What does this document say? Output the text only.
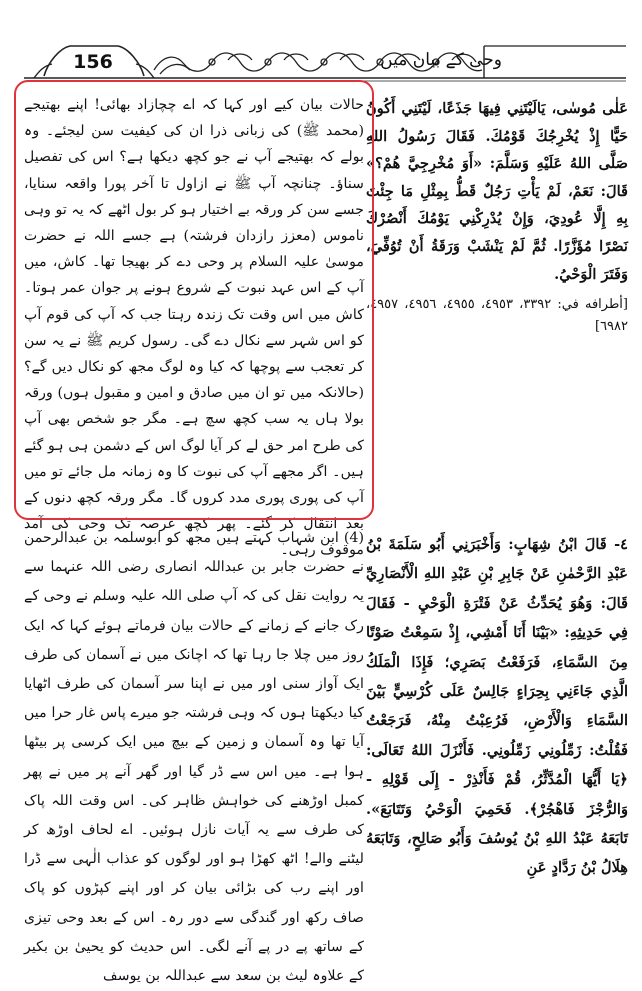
156	وحی کے بیان میں

عَلٰى مُوسٰى، يَالَيْتَنِي فِيهَا جَذَعًا، لَيْتَنِي أَكُونُ حَيًّا إِذْ يُخْرِجُكَ قَوْمُكَ. فَقَالَ رَسُولُ اللهِ صَلَّى اللهُ عَلَيْهِ وَسَلَّمَ: «أَوَ مُخْرِجِيَّ هُمْ؟» قَالَ: نَعَمْ، لَمْ يَأْتِ رَجُلٌ قَطُّ بِمِثْلِ مَا جِئْتَ بِهِ إِلَّا عُودِيَ، وَإِنْ يُدْرِكْنِي يَوْمُكَ أَنْصُرْكَ نَصْرًا مُؤَزَّرًا. ثُمَّ لَمْ يَنْشَبْ وَرَقَةُ أَنْ تُوُفِّيَ، وَفَتَرَ الْوَحْيُ.

[أطرافه في: ٣٣٩٢، ٤٩٥٣، ٤٩٥٥، ٤٩٥٦، ٤٩٥٧، ٦٩٨٢]

٤- قَالَ ابْنُ شِهَابٍ: وَأَخْبَرَنِي أَبُو سَلَمَةَ بْنُ عَبْدِ الرَّحْمٰنِ عَنْ جَابِرِ بْنِ عَبْدِ اللهِ الْأَنْصَارِيِّ قَالَ: وَهُوَ يُحَدِّثُ عَنْ فَتْرَةِ الْوَحْيِ - فَقَالَ فِي حَدِيثِهِ: «بَيْنَا أَنَا أَمْشِي، إِذْ سَمِعْتُ صَوْتًا مِنَ السَّمَاءِ، فَرَفَعْتُ بَصَرِي؛ فَإِذَا الْمَلَكُ الَّذِي جَاءَنِي بِحِرَاءٍ جَالِسٌ عَلَى كُرْسِيٍّ بَيْنَ السَّمَاءِ وَالْأَرْضِ، فَرُعِبْتُ مِنْهُ، فَرَجَعْتُ فَقُلْتُ: زَمِّلُونِي زَمِّلُونِي. فَأَنْزَلَ اللهُ تَعَالَى: ﴿يَا أَيُّهَا الْمُدَّثِّرُ، قُمْ فَأَنْذِرْ - إِلَى قَوْلِهِ - وَالرُّجْزَ فَاهْجُرْ﴾. فَحَمِيَ الْوَحْيُ وَتَتَابَعَ». تَابَعَهُ عَبْدُ اللهِ بْنُ يُوسُفَ وَأَبُو صَالِحٍ، وَتَابَعَهُ هِلَالُ بْنُ رَدَّادٍ عَنِ

حالات بیان کیے اور کہا کہ اے چچازاد بھائی! اپنے بھتیجے (محمد ﷺ) کی زبانی ذرا ان کی کیفیت سن لیجئے۔ وہ بولے کہ بھتیجے آپ نے جو کچھ دیکھا ہے؟ اس کی تفصیل سناؤ۔ چنانچہ آپ ﷺ نے ازاول تا آخر پورا واقعہ سنایا، جسے سن کر ورقہ بے اختیار ہو کر بول اٹھے کہ یہ تو وہی ناموس (معزز رازدان فرشتہ) ہے جسے اللہ نے حضرت موسیٰ علیہ السلام پر وحی دے کر بھیجا تھا۔ کاش، میں آپ کے اس عہد نبوت کے شروع ہونے پر جوان عمر ہوتا۔ کاش میں اس وقت تک زندہ رہتا جب کہ آپ کی قوم آپ کو اس شہر سے نکال دے گی۔ رسول کریم ﷺ نے یہ سن کر تعجب سے پوچھا کہ کیا وہ لوگ مجھ کو نکال دیں گے؟ (حالانکہ میں تو ان میں صادق و امین و مقبول ہوں) ورقہ بولا ہاں یہ سب کچھ سچ ہے۔ مگر جو شخص بھی آپ کی طرح امر حق لے کر آیا لوگ اس کے دشمن ہی ہو گئے ہیں۔ اگر مجھے آپ کی نبوت کا وہ زمانہ مل جائے تو میں آپ کی پوری پوری مدد کروں گا۔ مگر ورقہ کچھ دنوں کے بعد انتقال کر گئے۔ پھر کچھ عرصہ تک وحی کی آمد موقوف رہی۔

(4) ابن شہاب کہتے ہیں مجھ کو ابوسلمہ بن عبدالرحمن نے حضرت جابر بن عبداللہ انصاری رضی اللہ عنہما سے یہ روایت نقل کی کہ آپ صلی اللہ علیہ وسلم نے وحی کے رک جانے کے زمانے کے حالات بیان فرماتے ہوئے کہا کہ ایک روز میں چلا جا رہا تھا کہ اچانک میں نے آسمان کی طرف ایک آواز سنی اور میں نے اپنا سر آسمان کی طرف اٹھایا کیا دیکھتا ہوں کہ وہی فرشتہ جو میرے پاس غار حرا میں آیا تھا وہ آسمان و زمین کے بیچ میں ایک کرسی پر بیٹھا ہوا ہے۔ میں اس سے ڈر گیا اور گھر آنے پر میں نے پھر کمبل اوڑھنے کی خواہش ظاہر کی۔ اس وقت اللہ پاک کی طرف سے یہ آیات نازل ہوئیں۔ اے لحاف اوڑھ کر لیٹنے والے! اٹھ کھڑا ہو اور لوگوں کو عذاب الٰہی سے ڈرا اور اپنے رب کی بڑائی بیان کر اور اپنے کپڑوں کو پاک صاف رکھ اور گندگی سے دور رہ۔ اس کے بعد وحی تیزی کے ساتھ پے در پے آنے لگی۔ اس حدیث کو یحییٰ بن بکیر کے علاوہ لیث بن سعد سے عبداللہ بن یوسف
